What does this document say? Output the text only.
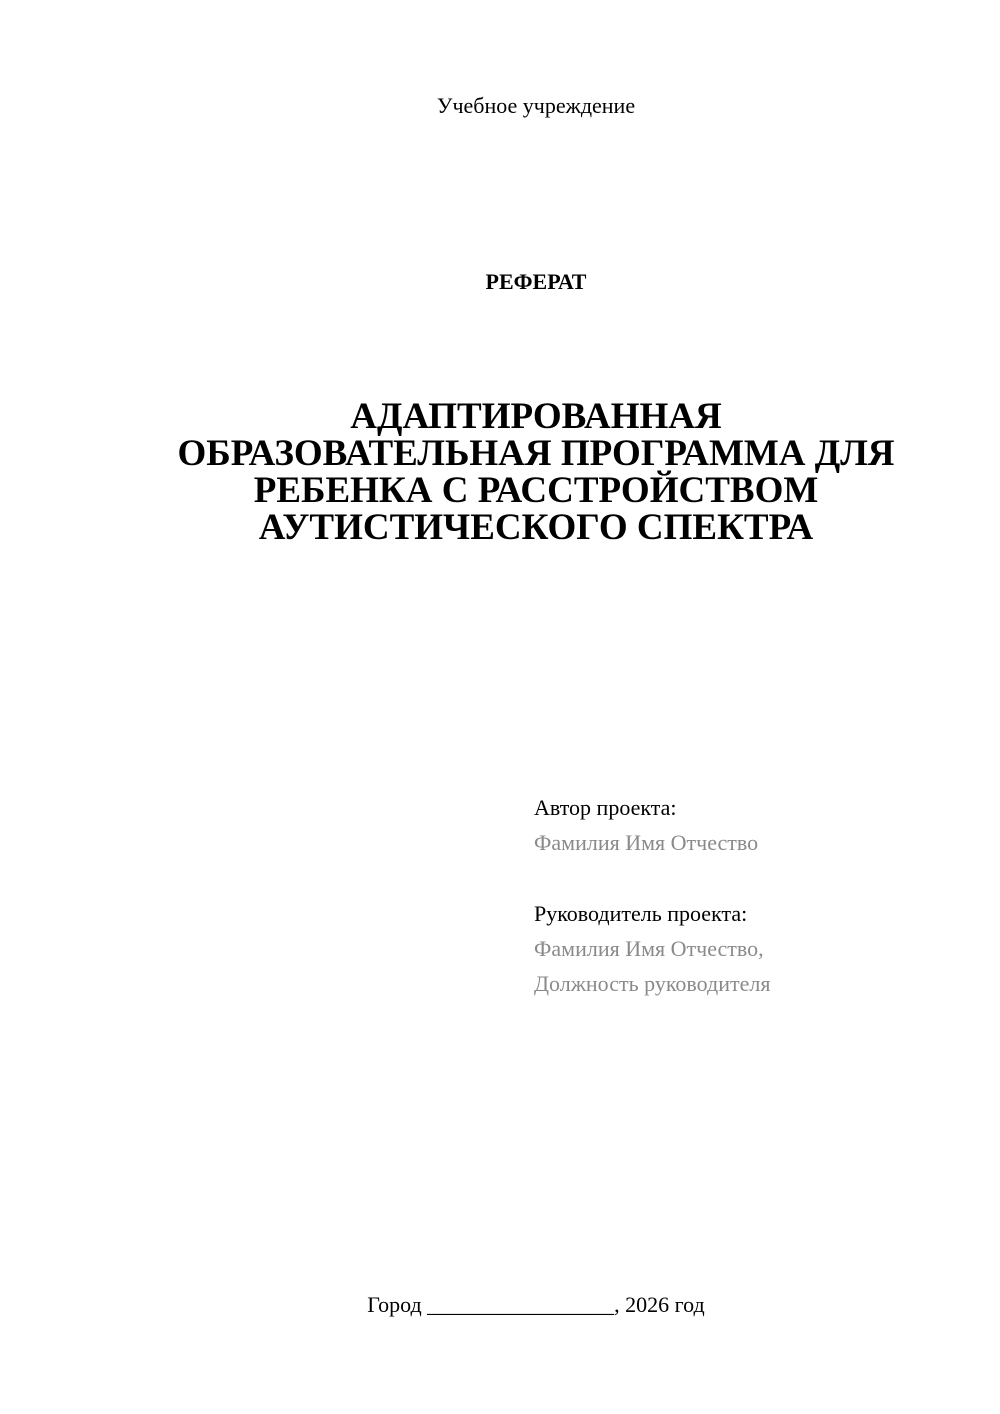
Учебное учреждение
РЕФЕРАТ
АДАПТИРОВАННАЯ
ОБРАЗОВАТЕЛЬНАЯ ПРОГРАММА ДЛЯ
РЕБЕНКА С РАССТРОЙСТВОМ
АУТИСТИЧЕСКОГО СПЕКТРА
Автор проекта:
Фамилия Имя Отчество
Руководитель проекта:
Фамилия Имя Отчество,
Должность руководителя
Город _________________, 2026 год
